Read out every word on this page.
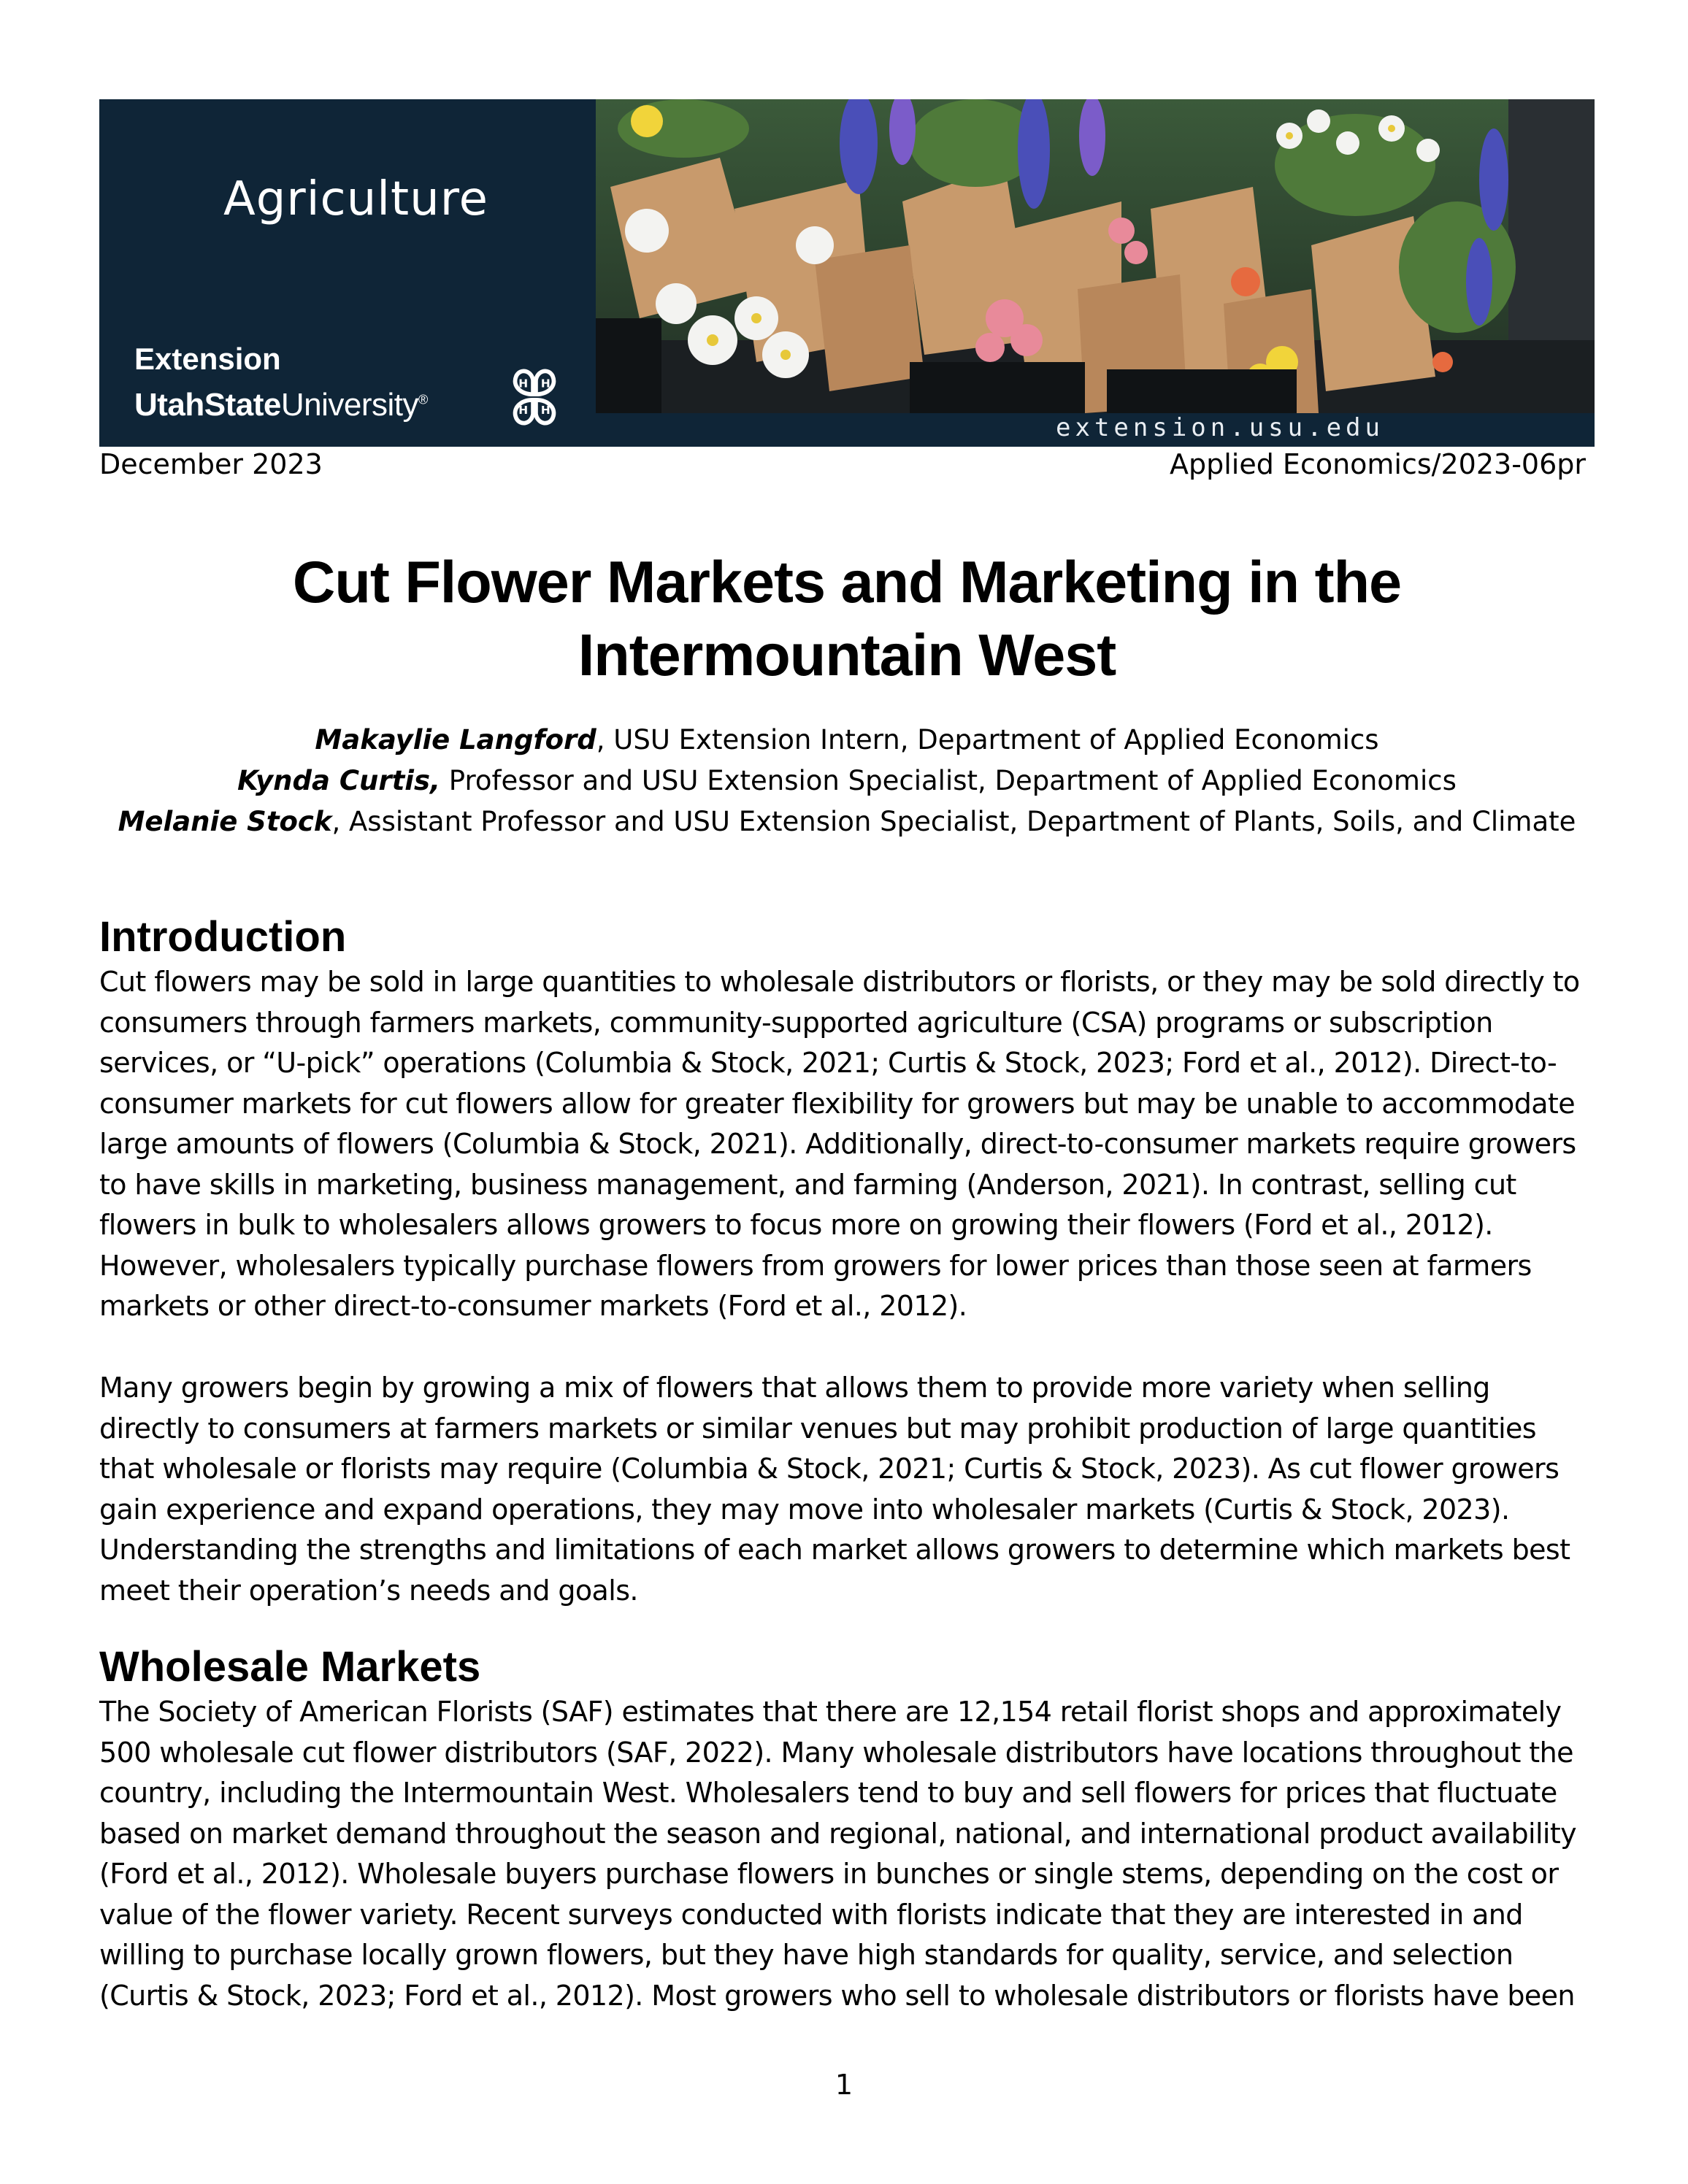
Agriculture
Extension
UtahStateUniversity®
H H
H H
extension.usu.edu
December 2023	Applied Economics/2023-06pr
Cut Flower Markets and Marketing in the
Intermountain West
Makaylie Langford, USU Extension Intern, Department of Applied Economics
Kynda Curtis, Professor and USU Extension Specialist, Department of Applied Economics
Melanie Stock, Assistant Professor and USU Extension Specialist, Department of Plants, Soils, and Climate
Introduction

Cut flowers may be sold in large quantities to wholesale distributors or florists, or they may be sold directly to
consumers through farmers markets, community-supported agriculture (CSA) programs or subscription
services, or “U-pick” operations (Columbia & Stock, 2021; Curtis & Stock, 2023; Ford et al., 2012). Direct-to-
consumer markets for cut flowers allow for greater flexibility for growers but may be unable to accommodate
large amounts of flowers (Columbia & Stock, 2021). Additionally, direct-to-consumer markets require growers
to have skills in marketing, business management, and farming (Anderson, 2021). In contrast, selling cut
flowers in bulk to wholesalers allows growers to focus more on growing their flowers (Ford et al., 2012).
However, wholesalers typically purchase flowers from growers for lower prices than those seen at farmers
markets or other direct-to-consumer markets (Ford et al., 2012).

Many growers begin by growing a mix of flowers that allows them to provide more variety when selling
directly to consumers at farmers markets or similar venues but may prohibit production of large quantities
that wholesale or florists may require (Columbia & Stock, 2021; Curtis & Stock, 2023). As cut flower growers
gain experience and expand operations, they may move into wholesaler markets (Curtis & Stock, 2023).
Understanding the strengths and limitations of each market allows growers to determine which markets best
meet their operation’s needs and goals.

Wholesale Markets

The Society of American Florists (SAF) estimates that there are 12,154 retail florist shops and approximately
500 wholesale cut flower distributors (SAF, 2022). Many wholesale distributors have locations throughout the
country, including the Intermountain West. Wholesalers tend to buy and sell flowers for prices that fluctuate
based on market demand throughout the season and regional, national, and international product availability
(Ford et al., 2012). Wholesale buyers purchase flowers in bunches or single stems, depending on the cost or
value of the flower variety. Recent surveys conducted with florists indicate that they are interested in and
willing to purchase locally grown flowers, but they have high standards for quality, service, and selection
(Curtis & Stock, 2023; Ford et al., 2012). Most growers who sell to wholesale distributors or florists have been

1
